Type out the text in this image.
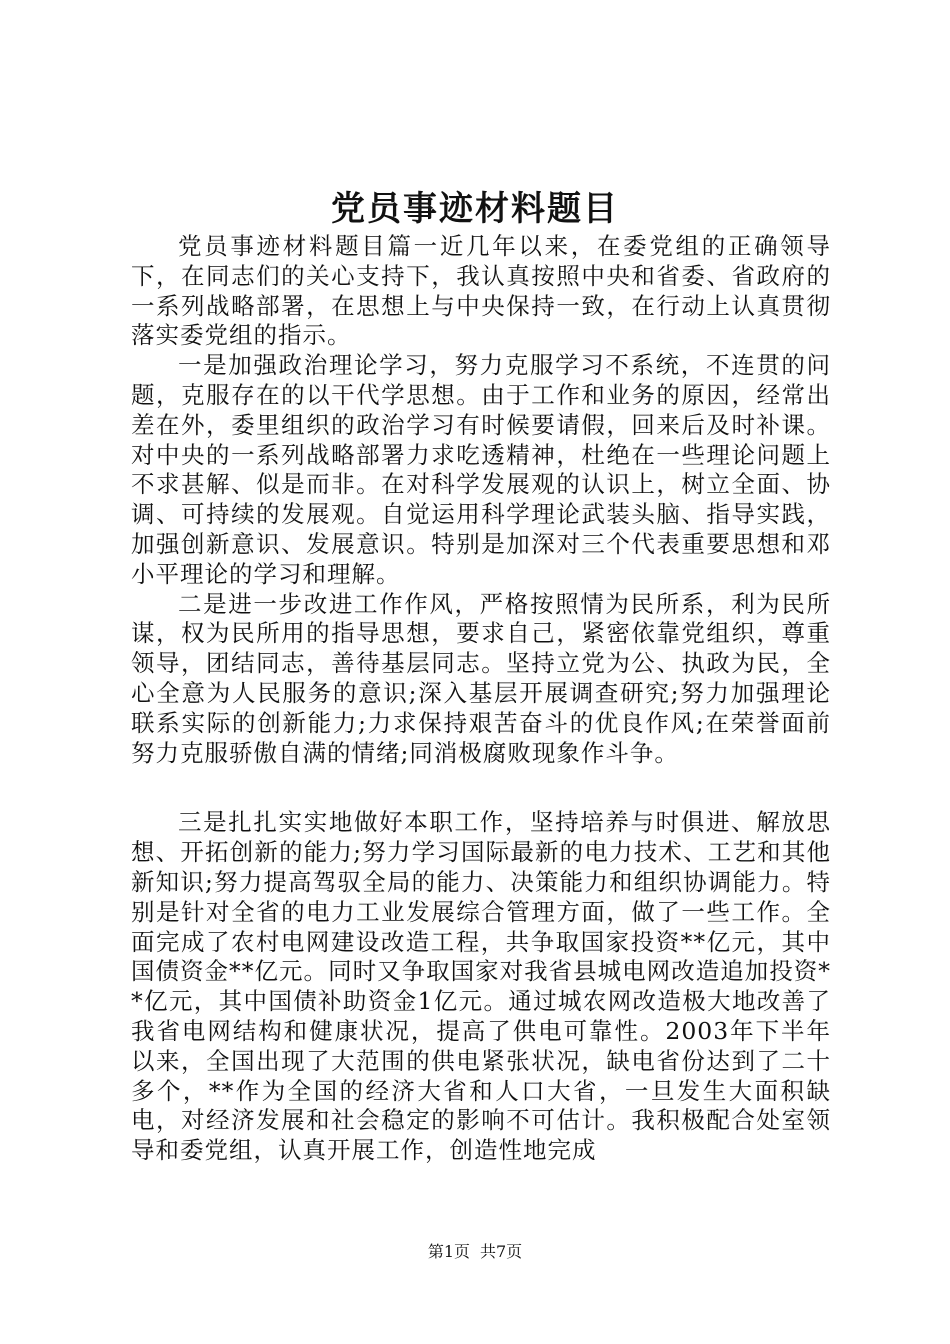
党员事迹材料题目

党员事迹材料题目篇一近几年以来，在委党组的正确领导下，在同志们的关心支持下，我认真按照中央和省委、省政府的一系列战略部署，在思想上与中央保持一致，在行动上认真贯彻落实委党组的指示。

一是加强政治理论学习，努力克服学习不系统，不连贯的问题，克服存在的以干代学思想。由于工作和业务的原因，经常出差在外，委里组织的政治学习有时候要请假，回来后及时补课。对中央的一系列战略部署力求吃透精神，杜绝在一些理论问题上不求甚解、似是而非。在对科学发展观的认识上，树立全面、协调、可持续的发展观。自觉运用科学理论武装头脑、指导实践，加强创新意识、发展意识。特别是加深对三个代表重要思想和邓小平理论的学习和理解。

二是进一步改进工作作风，严格按照情为民所系，利为民所谋，权为民所用的指导思想，要求自己，紧密依靠党组织，尊重领导，团结同志，善待基层同志。坚持立党为公、执政为民，全心全意为人民服务的意识;深入基层开展调查研究;努力加强理论联系实际的创新能力;力求保持艰苦奋斗的优良作风;在荣誉面前努力克服骄傲自满的情绪;同消极腐败现象作斗争。

三是扎扎实实地做好本职工作，坚持培养与时俱进、解放思想、开拓创新的能力;努力学习国际最新的电力技术、工艺和其他新知识;努力提高驾驭全局的能力、决策能力和组织协调能力。特别是针对全省的电力工业发展综合管理方面，做了一些工作。全面完成了农村电网建设改造工程，共争取国家投资**亿元，其中国债资金**亿元。同时又争取国家对我省县城电网改造追加投资**亿元，其中国债补助资金1亿元。通过城农网改造极大地改善了我省电网结构和健康状况，提高了供电可靠性。2003年下半年以来，全国出现了大范围的供电紧张状况，缺电省份达到了二十多个，**作为全国的经济大省和人口大省，一旦发生大面积缺电，对经济发展和社会稳定的影响不可估计。我积极配合处室领导和委党组，认真开展工作，创造性地完成

第1页 共7页
